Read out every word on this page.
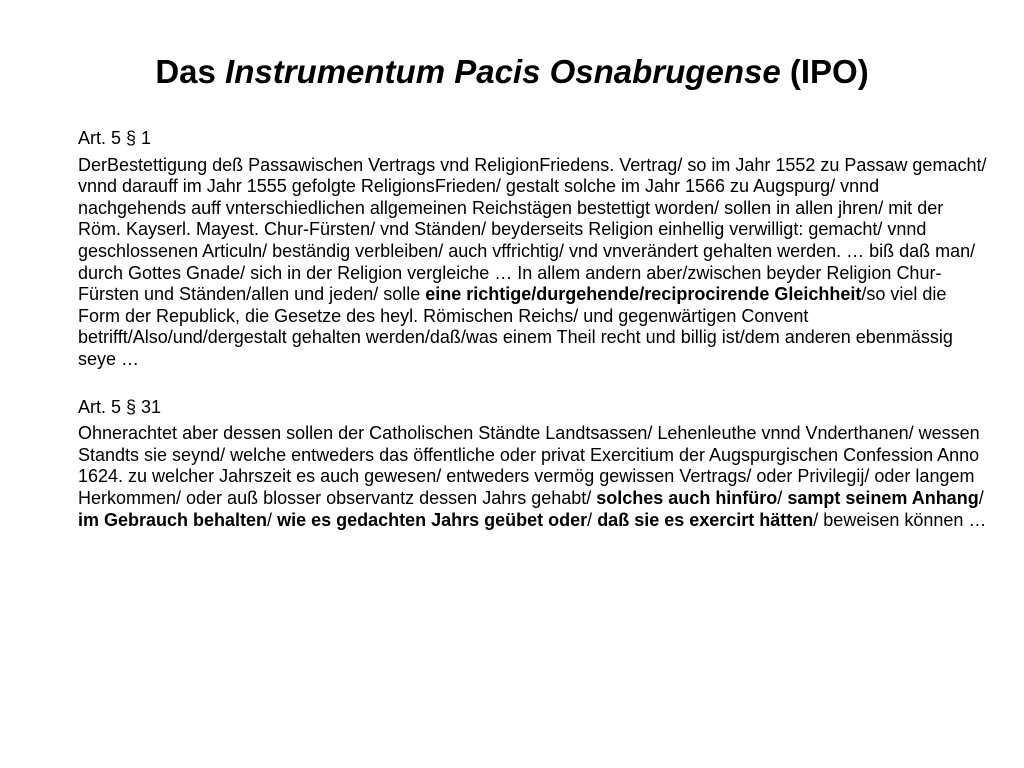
Das Instrumentum Pacis Osnabrugense (IPO)

Art. 5 § 1

DerBestettigung deß Passawischen Vertrags vnd ReligionFriedens. Vertrag/ so im Jahr 1552 zu Passaw gemacht/ vnnd darauff im Jahr 1555 gefolgte ReligionsFrieden/ gestalt solche im Jahr 1566 zu Augspurg/ vnnd nachgehends auff vnterschiedlichen allgemeinen Reichstägen bestettigt worden/ sollen in allen jhren/ mit der Röm. Kayserl. Mayest. Chur-Fürsten/ vnd Ständen/ beyderseits Religion einhellig verwilligt: gemacht/ vnnd geschlossenen Articuln/ beständig verbleiben/ auch vffrichtig/ vnd vnverändert gehalten werden. … biß daß man/ durch Gottes Gnade/ sich in der Religion vergleiche … In allem andern aber/zwischen beyder Religion Chur-Fürsten und Ständen/allen und jeden/ solle eine richtige/durgehende/reciprocirende Gleichheit/so viel die Form der Republick, die Gesetze des heyl. Römischen Reichs/ und gegenwärtigen Convent betrifft/Also/und/dergestalt gehalten werden/daß/was einem Theil recht und billig ist/dem anderen ebenmässig seye …

Art. 5 § 31

Ohnerachtet aber dessen sollen der Catholischen Ständte Landtsassen/ Lehenleuthe vnnd Vnderthanen/ wessen Standts sie seynd/ welche entweders das öffentliche oder privat Exercitium der Augspurgischen Confession Anno 1624. zu welcher Jahrszeit es auch gewesen/ entweders vermög gewissen Vertrags/ oder Privilegij/ oder langem Herkommen/ oder auß blosser observantz dessen Jahrs gehabt/ solches auch hinfüro/ sampt seinem Anhang/ im Gebrauch behalten/ wie es gedachten Jahrs geübet oder/ daß sie es exercirt hätten/ beweisen können …
